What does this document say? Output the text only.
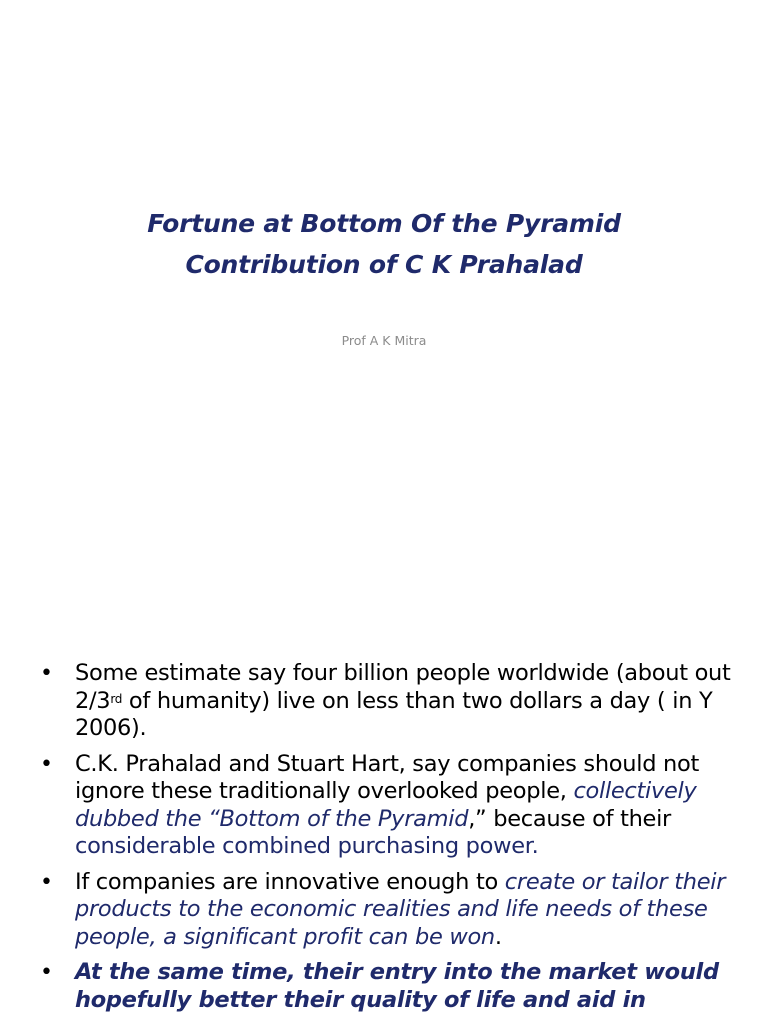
Fortune at Bottom Of the Pyramid
Contribution of C K Prahalad
Prof A K Mitra
• Some estimate say four billion people worldwide (about out 2/3rd of humanity) live on less than two dollars a day ( in Y 2006).
• C.K. Prahalad and Stuart Hart, say companies should not ignore these traditionally overlooked people, collectively dubbed the “Bottom of the Pyramid,” because of their considerable combined purchasing power.
• If companies are innovative enough to create or tailor their products to the economic realities and life needs of these people, a significant profit can be won.
• At the same time, their entry into the market would hopefully better their quality of life and aid in
